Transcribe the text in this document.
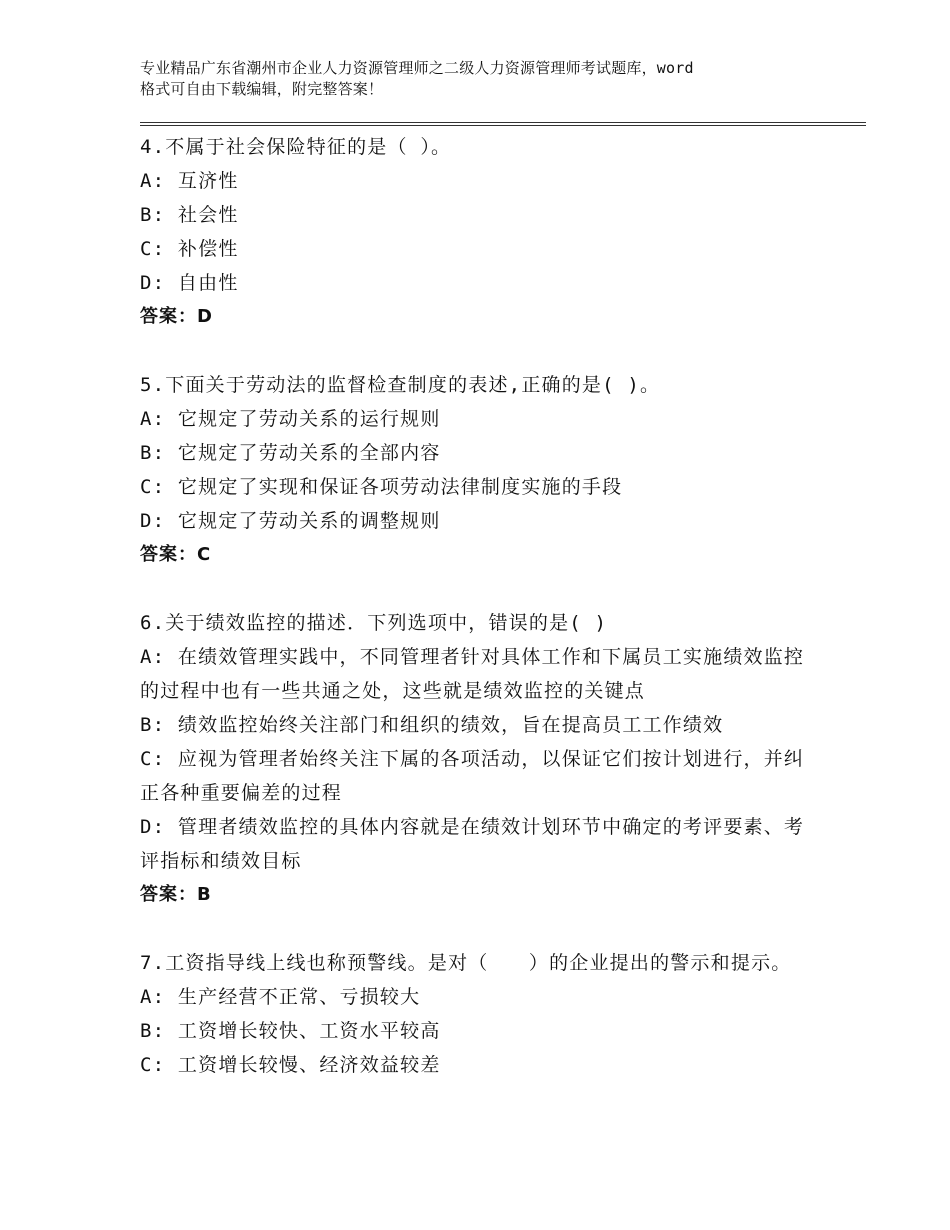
专业精品广东省潮州市企业人力资源管理师之二级人力资源管理师考试题库，word
格式可自由下载编辑，附完整答案！

4.不属于社会保险特征的是（ ）。

A: 互济性

B: 社会性

C: 补偿性

D: 自由性

答案：D

5.下面关于劳动法的监督检查制度的表述,正确的是( )。

A: 它规定了劳动关系的运行规则

B: 它规定了劳动关系的全部内容

C: 它规定了实现和保证各项劳动法律制度实施的手段

D: 它规定了劳动关系的调整规则

答案：C

6.关于绩效监控的描述．下列选项中，错误的是( )

A: 在绩效管理实践中，不同管理者针对具体工作和下属员工实施绩效监控的过程中也有一些共通之处，这些就是绩效监控的关键点

B: 绩效监控始终关注部门和组织的绩效，旨在提高员工工作绩效

C: 应视为管理者始终关注下属的各项活动，以保证它们按计划进行，并纠正各种重要偏差的过程

D: 管理者绩效监控的具体内容就是在绩效计划环节中确定的考评要素、考评指标和绩效目标

答案：B

7.工资指导线上线也称预警线。是对（　　）的企业提出的警示和提示。

A: 生产经营不正常、亏损较大

B: 工资增长较快、工资水平较高

C: 工资增长较慢、经济效益较差
